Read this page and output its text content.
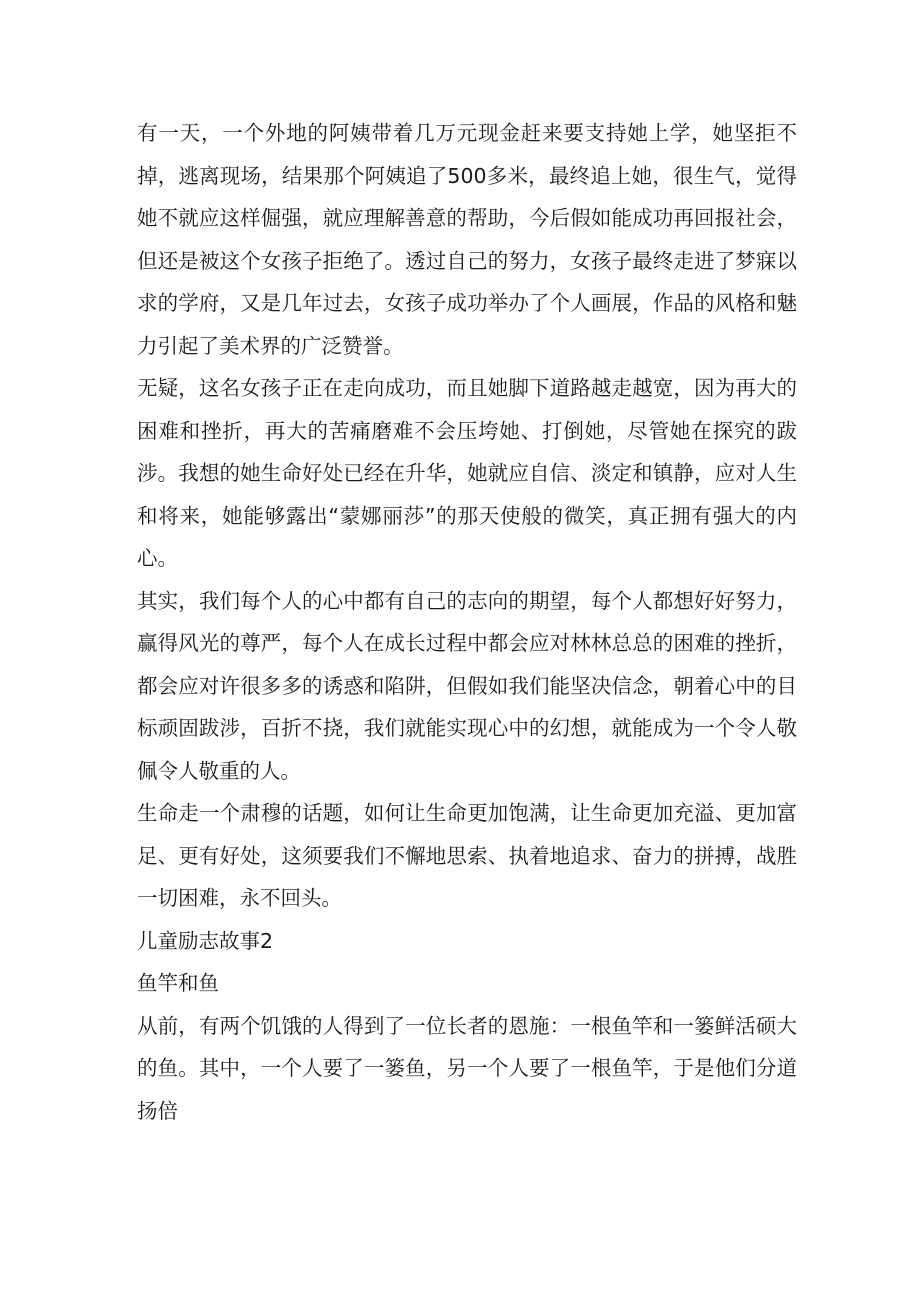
有一天，一个外地的阿姨带着几万元现金赶来要支持她上学，她坚拒不掉，逃离现场，结果那个阿姨追了500多米，最终追上她，很生气，觉得她不就应这样倔强，就应理解善意的帮助，今后假如能成功再回报社会，但还是被这个女孩子拒绝了。透过自己的努力，女孩子最终走进了梦寐以求的学府，又是几年过去，女孩子成功举办了个人画展，作品的风格和魅力引起了美术界的广泛赞誉。

无疑，这名女孩子正在走向成功，而且她脚下道路越走越宽，因为再大的困难和挫折，再大的苦痛磨难不会压垮她、打倒她，尽管她在探究的跋涉。我想的她生命好处已经在升华，她就应自信、淡定和镇静，应对人生和将来，她能够露出“蒙娜丽莎”的那天使般的微笑，真正拥有强大的内心。

其实，我们每个人的心中都有自己的志向的期望，每个人都想好好努力，赢得风光的尊严，每个人在成长过程中都会应对林林总总的困难的挫折，都会应对许很多多的诱惑和陷阱，但假如我们能坚决信念，朝着心中的目标顽固跋涉，百折不挠，我们就能实现心中的幻想，就能成为一个令人敬佩令人敬重的人。

生命走一个肃穆的话题，如何让生命更加饱满，让生命更加充溢、更加富足、更有好处，这须要我们不懈地思索、执着地追求、奋力的拼搏，战胜一切困难，永不回头。

儿童励志故事2

鱼竿和鱼

从前，有两个饥饿的人得到了一位长者的恩施：一根鱼竿和一篓鲜活硕大的鱼。其中，一个人要了一篓鱼，另一个人要了一根鱼竿，于是他们分道扬倍
